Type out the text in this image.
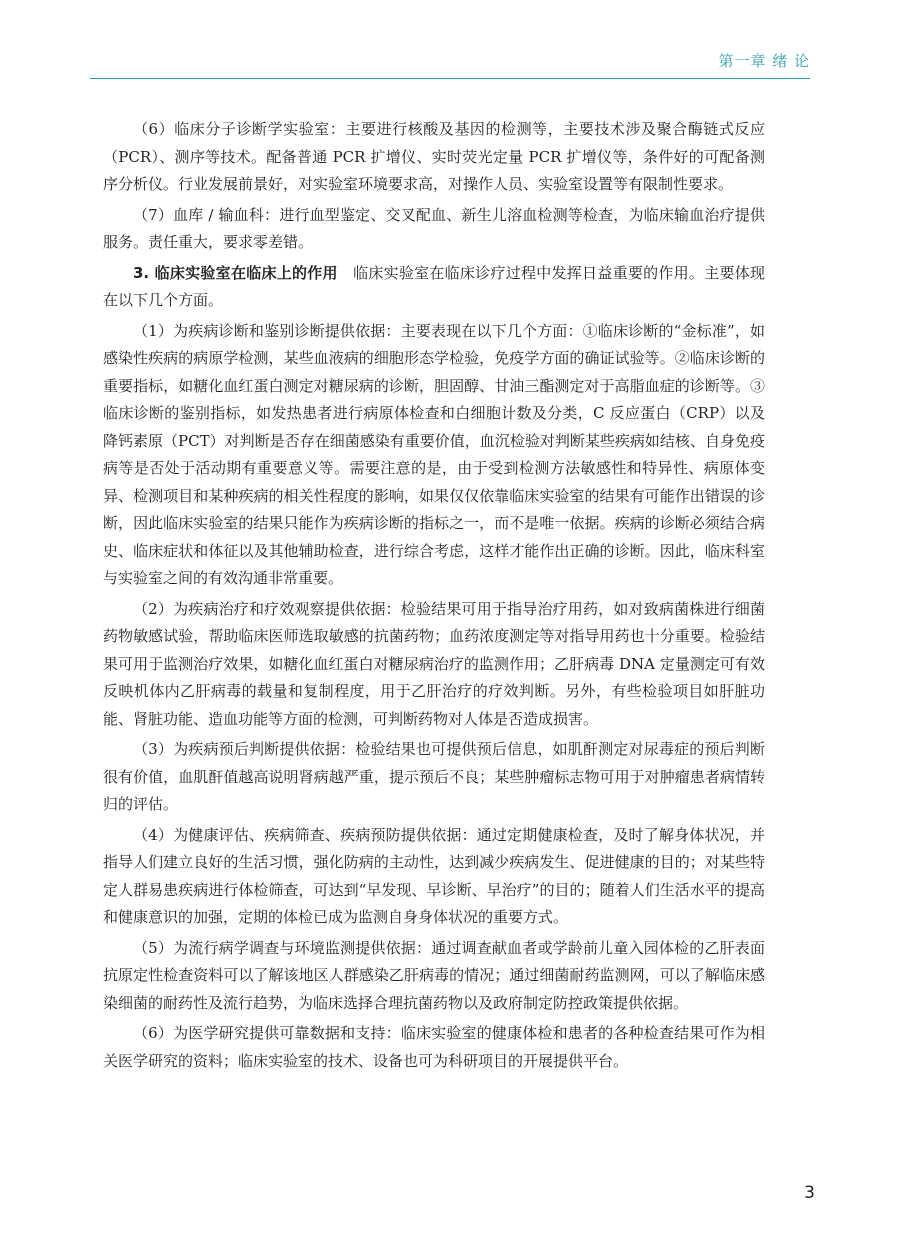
第一章 绪 论

（6）临床分子诊断学实验室：主要进行核酸及基因的检测等，主要技术涉及聚合酶链式反应（PCR）、测序等技术。配备普通 PCR 扩增仪、实时荧光定量 PCR 扩增仪等，条件好的可配备测序分析仪。行业发展前景好，对实验室环境要求高，对操作人员、实验室设置等有限制性要求。

（7）血库 / 输血科：进行血型鉴定、交叉配血、新生儿溶血检测等检查，为临床输血治疗提供服务。责任重大，要求零差错。

3. 临床实验室在临床上的作用　 临床实验室在临床诊疗过程中发挥日益重要的作用。主要体现在以下几个方面。

（1）为疾病诊断和鉴别诊断提供依据：主要表现在以下几个方面：①临床诊断的“金标准”，如感染性疾病的病原学检测，某些血液病的细胞形态学检验，免疫学方面的确证试验等。②临床诊断的重要指标，如糖化血红蛋白测定对糖尿病的诊断，胆固醇、甘油三酯测定对于高脂血症的诊断等。③临床诊断的鉴别指标，如发热患者进行病原体检查和白细胞计数及分类，C 反应蛋白（CRP）以及降钙素原（PCT）对判断是否存在细菌感染有重要价值，血沉检验对判断某些疾病如结核、自身免疫病等是否处于活动期有重要意义等。需要注意的是，由于受到检测方法敏感性和特异性、病原体变异、检测项目和某种疾病的相关性程度的影响，如果仅仅依靠临床实验室的结果有可能作出错误的诊断，因此临床实验室的结果只能作为疾病诊断的指标之一，而不是唯一依据。疾病的诊断必须结合病史、临床症状和体征以及其他辅助检查，进行综合考虑，这样才能作出正确的诊断。因此，临床科室与实验室之间的有效沟通非常重要。

（2）为疾病治疗和疗效观察提供依据：检验结果可用于指导治疗用药，如对致病菌株进行细菌药物敏感试验，帮助临床医师选取敏感的抗菌药物；血药浓度测定等对指导用药也十分重要。检验结果可用于监测治疗效果，如糖化血红蛋白对糖尿病治疗的监测作用；乙肝病毒 DNA 定量测定可有效反映机体内乙肝病毒的载量和复制程度，用于乙肝治疗的疗效判断。另外，有些检验项目如肝脏功能、肾脏功能、造血功能等方面的检测，可判断药物对人体是否造成损害。

（3）为疾病预后判断提供依据：检验结果也可提供预后信息，如肌酐测定对尿毒症的预后判断很有价值，血肌酐值越高说明肾病越严重，提示预后不良；某些肿瘤标志物可用于对肿瘤患者病情转归的评估。

（4）为健康评估、疾病筛查、疾病预防提供依据：通过定期健康检查，及时了解身体状况，并指导人们建立良好的生活习惯，强化防病的主动性，达到减少疾病发生、促进健康的目的；对某些特定人群易患疾病进行体检筛查，可达到“早发现、早诊断、早治疗”的目的；随着人们生活水平的提高和健康意识的加强，定期的体检已成为监测自身身体状况的重要方式。

（5）为流行病学调查与环境监测提供依据：通过调查献血者或学龄前儿童入园体检的乙肝表面抗原定性检查资料可以了解该地区人群感染乙肝病毒的情况；通过细菌耐药监测网，可以了解临床感染细菌的耐药性及流行趋势，为临床选择合理抗菌药物以及政府制定防控政策提供依据。

（6）为医学研究提供可靠数据和支持：临床实验室的健康体检和患者的各种检查结果可作为相关医学研究的资料；临床实验室的技术、设备也可为科研项目的开展提供平台。

3
